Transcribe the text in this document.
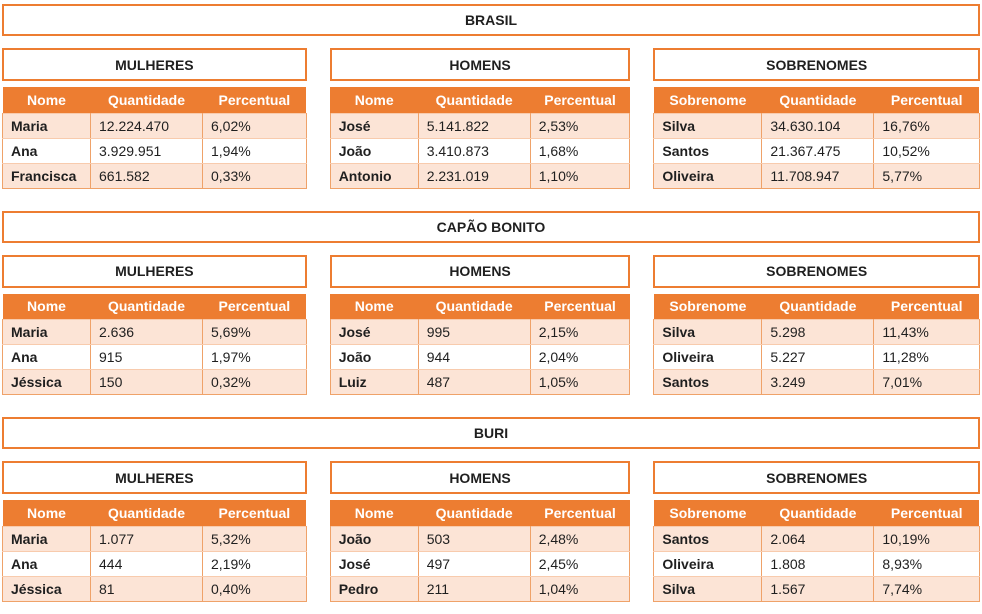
BRASIL
MULHERES
Nome	Quantidade	Percentual
Maria	12.224.470	6,02%
Ana	3.929.951	1,94%
Francisca	661.582	0,33%
HOMENS
Nome	Quantidade	Percentual
José	5.141.822	2,53%
João	3.410.873	1,68%
Antonio	2.231.019	1,10%
SOBRENOMES
Sobrenome	Quantidade	Percentual
Silva	34.630.104	16,76%
Santos	21.367.475	10,52%
Oliveira	11.708.947	5,77%
CAPÃO BONITO
MULHERES
Nome	Quantidade	Percentual
Maria	2.636	5,69%
Ana	915	1,97%
Jéssica	150	0,32%
HOMENS
Nome	Quantidade	Percentual
José	995	2,15%
João	944	2,04%
Luiz	487	1,05%
SOBRENOMES
Sobrenome	Quantidade	Percentual
Silva	5.298	11,43%
Oliveira	5.227	11,28%
Santos	3.249	7,01%
BURI
MULHERES
Nome	Quantidade	Percentual
Maria	1.077	5,32%
Ana	444	2,19%
Jéssica	81	0,40%
HOMENS
Nome	Quantidade	Percentual
João	503	2,48%
José	497	2,45%
Pedro	211	1,04%
SOBRENOMES
Sobrenome	Quantidade	Percentual
Santos	2.064	10,19%
Oliveira	1.808	8,93%
Silva	1.567	7,74%
